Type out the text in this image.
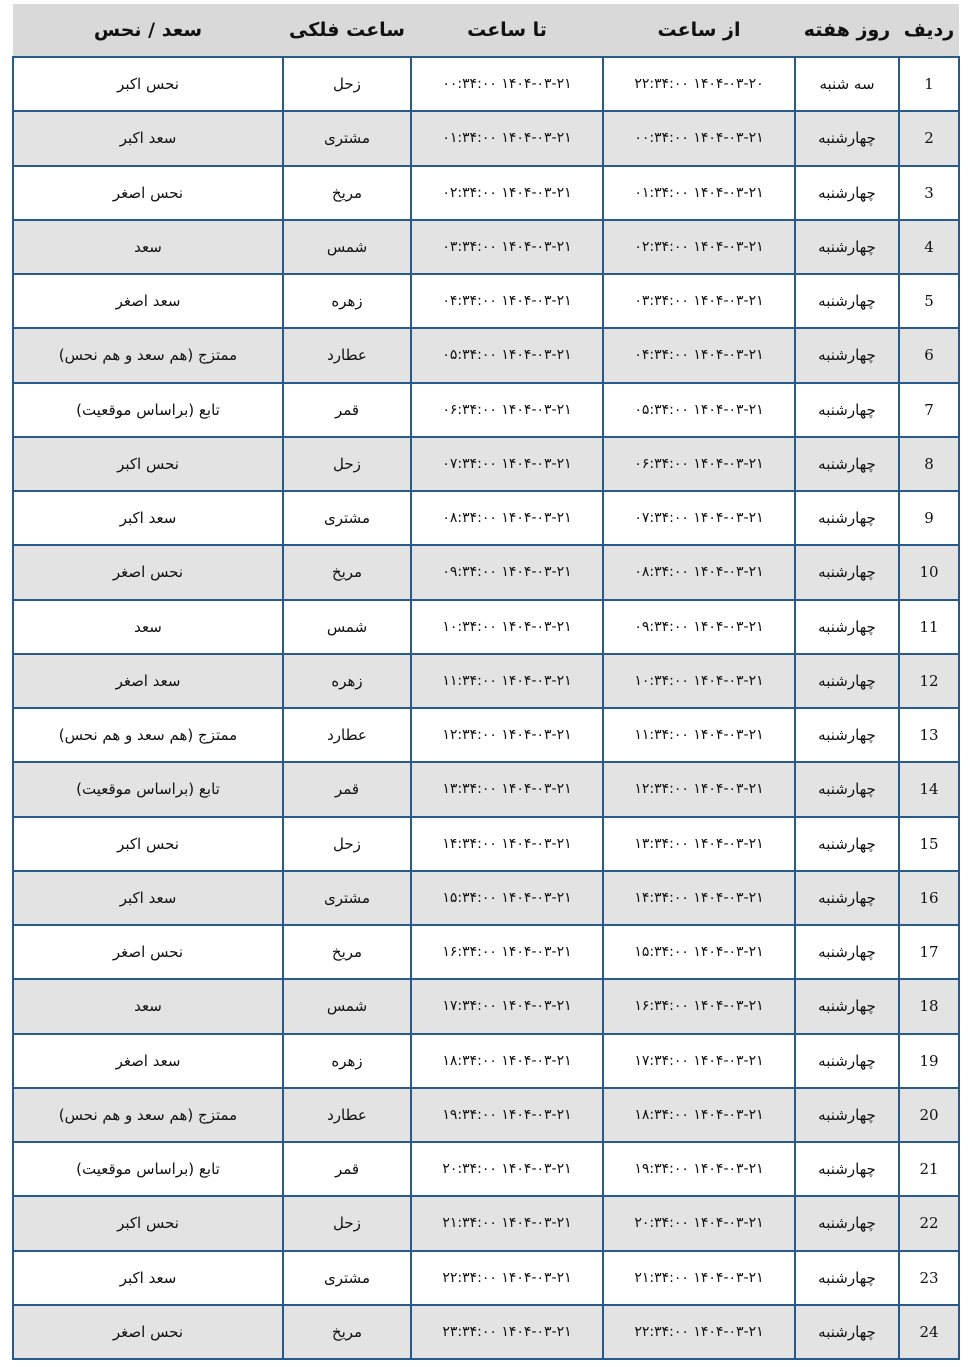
ردیف	روز هفته	از ساعت	تا ساعت	ساعت فلکی	سعد / نحس
1	سه شنبه	۲۲:۳۴:۰۰ ۱۴۰۴-۰۳-۲۰	۰۰:۳۴:۰۰ ۱۴۰۴-۰۳-۲۱	زحل	نحس اکبر
2	چهارشنبه	۰۰:۳۴:۰۰ ۱۴۰۴-۰۳-۲۱	۰۱:۳۴:۰۰ ۱۴۰۴-۰۳-۲۱	مشتری	سعد اکبر
3	چهارشنبه	۰۱:۳۴:۰۰ ۱۴۰۴-۰۳-۲۱	۰۲:۳۴:۰۰ ۱۴۰۴-۰۳-۲۱	مریخ	نحس اصغر
4	چهارشنبه	۰۲:۳۴:۰۰ ۱۴۰۴-۰۳-۲۱	۰۳:۳۴:۰۰ ۱۴۰۴-۰۳-۲۱	شمس	سعد
5	چهارشنبه	۰۳:۳۴:۰۰ ۱۴۰۴-۰۳-۲۱	۰۴:۳۴:۰۰ ۱۴۰۴-۰۳-۲۱	زهره	سعد اصغر
6	چهارشنبه	۰۴:۳۴:۰۰ ۱۴۰۴-۰۳-۲۱	۰۵:۳۴:۰۰ ۱۴۰۴-۰۳-۲۱	عطارد	ممتزج (هم سعد و هم نحس)
7	چهارشنبه	۰۵:۳۴:۰۰ ۱۴۰۴-۰۳-۲۱	۰۶:۳۴:۰۰ ۱۴۰۴-۰۳-۲۱	قمر	تابع (براساس موقعیت)
8	چهارشنبه	۰۶:۳۴:۰۰ ۱۴۰۴-۰۳-۲۱	۰۷:۳۴:۰۰ ۱۴۰۴-۰۳-۲۱	زحل	نحس اکبر
9	چهارشنبه	۰۷:۳۴:۰۰ ۱۴۰۴-۰۳-۲۱	۰۸:۳۴:۰۰ ۱۴۰۴-۰۳-۲۱	مشتری	سعد اکبر
10	چهارشنبه	۰۸:۳۴:۰۰ ۱۴۰۴-۰۳-۲۱	۰۹:۳۴:۰۰ ۱۴۰۴-۰۳-۲۱	مریخ	نحس اصغر
11	چهارشنبه	۰۹:۳۴:۰۰ ۱۴۰۴-۰۳-۲۱	۱۰:۳۴:۰۰ ۱۴۰۴-۰۳-۲۱	شمس	سعد
12	چهارشنبه	۱۰:۳۴:۰۰ ۱۴۰۴-۰۳-۲۱	۱۱:۳۴:۰۰ ۱۴۰۴-۰۳-۲۱	زهره	سعد اصغر
13	چهارشنبه	۱۱:۳۴:۰۰ ۱۴۰۴-۰۳-۲۱	۱۲:۳۴:۰۰ ۱۴۰۴-۰۳-۲۱	عطارد	ممتزج (هم سعد و هم نحس)
14	چهارشنبه	۱۲:۳۴:۰۰ ۱۴۰۴-۰۳-۲۱	۱۳:۳۴:۰۰ ۱۴۰۴-۰۳-۲۱	قمر	تابع (براساس موقعیت)
15	چهارشنبه	۱۳:۳۴:۰۰ ۱۴۰۴-۰۳-۲۱	۱۴:۳۴:۰۰ ۱۴۰۴-۰۳-۲۱	زحل	نحس اکبر
16	چهارشنبه	۱۴:۳۴:۰۰ ۱۴۰۴-۰۳-۲۱	۱۵:۳۴:۰۰ ۱۴۰۴-۰۳-۲۱	مشتری	سعد اکبر
17	چهارشنبه	۱۵:۳۴:۰۰ ۱۴۰۴-۰۳-۲۱	۱۶:۳۴:۰۰ ۱۴۰۴-۰۳-۲۱	مریخ	نحس اصغر
18	چهارشنبه	۱۶:۳۴:۰۰ ۱۴۰۴-۰۳-۲۱	۱۷:۳۴:۰۰ ۱۴۰۴-۰۳-۲۱	شمس	سعد
19	چهارشنبه	۱۷:۳۴:۰۰ ۱۴۰۴-۰۳-۲۱	۱۸:۳۴:۰۰ ۱۴۰۴-۰۳-۲۱	زهره	سعد اصغر
20	چهارشنبه	۱۸:۳۴:۰۰ ۱۴۰۴-۰۳-۲۱	۱۹:۳۴:۰۰ ۱۴۰۴-۰۳-۲۱	عطارد	ممتزج (هم سعد و هم نحس)
21	چهارشنبه	۱۹:۳۴:۰۰ ۱۴۰۴-۰۳-۲۱	۲۰:۳۴:۰۰ ۱۴۰۴-۰۳-۲۱	قمر	تابع (براساس موقعیت)
22	چهارشنبه	۲۰:۳۴:۰۰ ۱۴۰۴-۰۳-۲۱	۲۱:۳۴:۰۰ ۱۴۰۴-۰۳-۲۱	زحل	نحس اکبر
23	چهارشنبه	۲۱:۳۴:۰۰ ۱۴۰۴-۰۳-۲۱	۲۲:۳۴:۰۰ ۱۴۰۴-۰۳-۲۱	مشتری	سعد اکبر
24	چهارشنبه	۲۲:۳۴:۰۰ ۱۴۰۴-۰۳-۲۱	۲۳:۳۴:۰۰ ۱۴۰۴-۰۳-۲۱	مریخ	نحس اصغر
